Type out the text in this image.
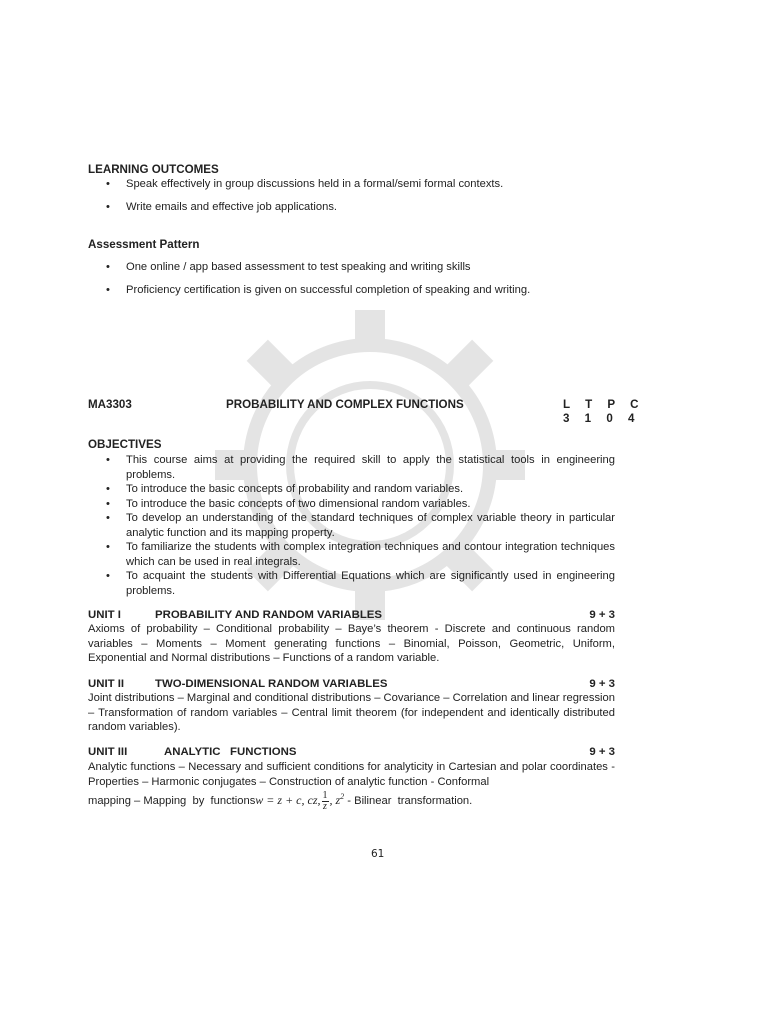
LEARNING OUTCOMES
• Speak effectively in group discussions held in a formal/semi formal contexts.
• Write emails and effective job applications.
Assessment Pattern
• One online / app based assessment to test speaking and writing skills
• Proficiency certification is given on successful completion of speaking and writing.
MA3303	PROBABILITY AND COMPLEX FUNCTIONS	L T P C
3 1 0 4
OBJECTIVES
• This course aims at providing the required skill to apply the statistical tools in engineering problems.
• To introduce the basic concepts of probability and random variables.
• To introduce the basic concepts of two dimensional random variables.
• To develop an understanding of the standard techniques of complex variable theory in particular analytic function and its mapping property.
• To familiarize the students with complex integration techniques and contour integration techniques which can be used in real integrals.
• To acquaint the students with Differential Equations which are significantly used in engineering problems.
UNIT I	PROBABILITY AND RANDOM VARIABLES	9 + 3
Axioms of probability – Conditional probability – Baye’s theorem - Discrete and continuous random variables – Moments – Moment generating functions – Binomial, Poisson, Geometric, Uniform, Exponential and Normal distributions – Functions of a random variable.
UNIT II	TWO-DIMENSIONAL RANDOM VARIABLES	9 + 3
Joint distributions – Marginal and conditional distributions – Covariance – Correlation and linear regression – Transformation of random variables – Central limit theorem (for independent and identically distributed random variables).
UNIT III	ANALYTIC   FUNCTIONS	9 + 3
Analytic functions – Necessary and sufficient conditions for analyticity in Cartesian and polar coordinates - Properties – Harmonic conjugates – Construction of analytic function - Conformal
mapping – Mapping  by  functionsw = z + c, cz, $\frac{1}{z}$ , $z^2$ - Bilinear  transformation.
61
